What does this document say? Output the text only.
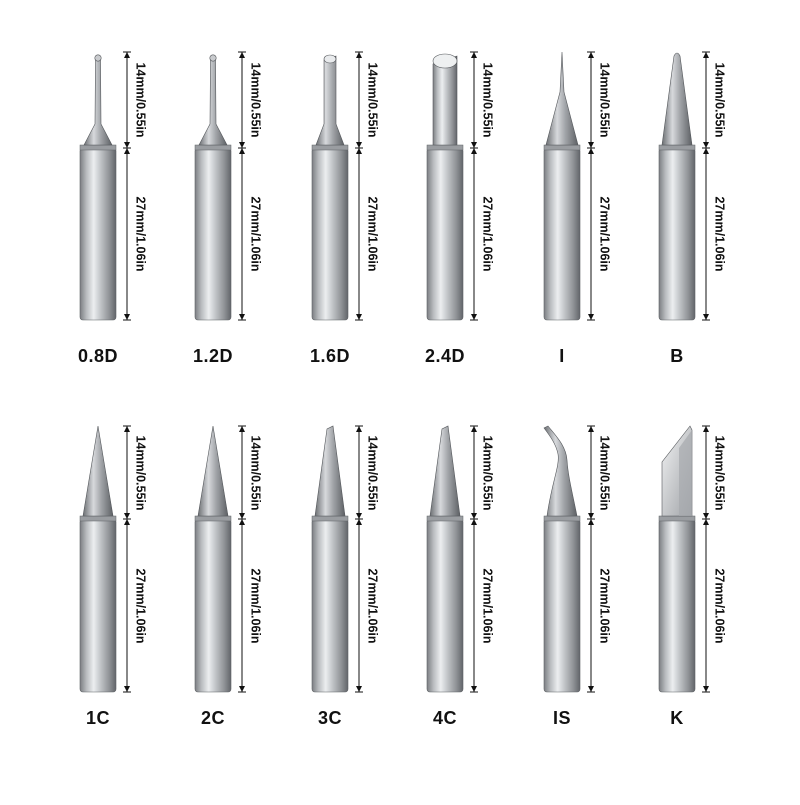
14mm/0.55in
27mm/1.06in
0.8D
14mm/0.55in
27mm/1.06in
1.2D
14mm/0.55in
27mm/1.06in
1.6D
14mm/0.55in
27mm/1.06in
2.4D
14mm/0.55in
27mm/1.06in
I
14mm/0.55in
27mm/1.06in
B
14mm/0.55in
27mm/1.06in
1C
14mm/0.55in
27mm/1.06in
2C
14mm/0.55in
27mm/1.06in
3C
14mm/0.55in
27mm/1.06in
4C
14mm/0.55in
27mm/1.06in
IS
14mm/0.55in
27mm/1.06in
K
